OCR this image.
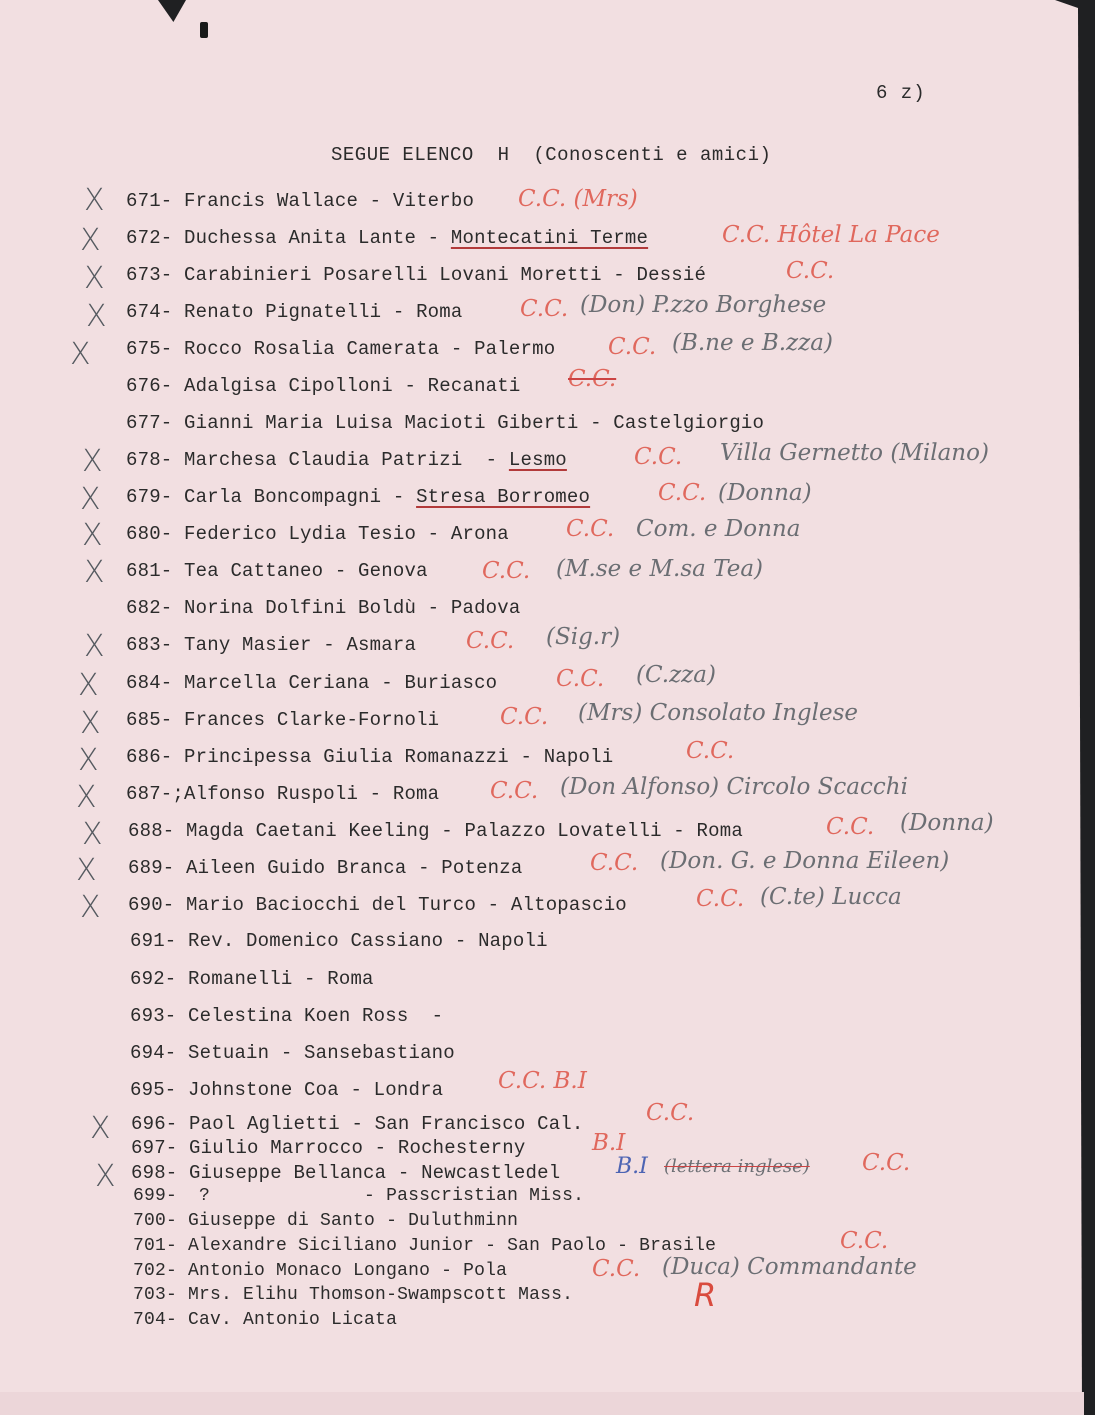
6 z)
SEGUE ELENCO  H  (Conoscenti e amici)
671- Francis Wallace - Viterbo
672- Duchessa Anita Lante - Montecatini Terme
673- Carabinieri Posarelli Lovani Moretti - Dessié
674- Renato Pignatelli - Roma
675- Rocco Rosalia Camerata - Palermo
676- Adalgisa Cipolloni - Recanati
677- Gianni Maria Luisa Macioti Giberti - Castelgiorgio
678- Marchesa Claudia Patrizi  - Lesmo
679- Carla Boncompagni - Stresa Borromeo
680- Federico Lydia Tesio - Arona
681- Tea Cattaneo - Genova
682- Norina Dolfini Boldù - Padova
683- Tany Masier - Asmara
684- Marcella Ceriana - Buriasco
685- Frances Clarke-Fornoli
686- Principessa Giulia Romanazzi - Napoli
687-;Alfonso Ruspoli - Roma
688- Magda Caetani Keeling - Palazzo Lovatelli - Roma
689- Aileen Guido Branca - Potenza
690- Mario Baciocchi del Turco - Altopascio
691- Rev. Domenico Cassiano - Napoli
692- Romanelli - Roma
693- Celestina Koen Ross  -
694- Setuain - Sansebastiano
695- Johnstone Coa - Londra
696- Paol Aglietti - San Francisco Cal.
697- Giulio Marrocco - Rochesterny
698- Giuseppe Bellanca - Newcastledel
699-  ?              - Passcristian Miss.
700- Giuseppe di Santo - Duluthminn
701- Alexandre Siciliano Junior - San Paolo - Brasile
702- Antonio Monaco Longano - Pola
703- Mrs. Elihu Thomson-Swampscott Mass.
704- Cav. Antonio Licata
X
X
X
X
X
X
X
X
X
X
X
X
X
X
X
X
X
X
X
C.C. (Mrs)
C.C. Hôtel La Pace
C.C.
C.C. (Don) P.zzo Borghese
C.C. (B.ne e B.zza)
C.C.
C.C. Villa Gernetto (Milano)
C.C. (Donna)
C.C. Com. e Donna
C.C. (M.se e M.sa Tea)
C.C. (Sig.r)
C.C. (C.zza)
C.C. (Mrs) Consolato Inglese
C.C.
C.C. (Don Alfonso) Circolo Scacchi
C.C. (Donna)
C.C. (Don. G. e Donna Eileen)
C.C. (C.te) Lucca
C.C. B.I
C.C.
B.I
B.I (lettera inglese) C.C.
C.C.
C.C. (Duca) Commandante
R
